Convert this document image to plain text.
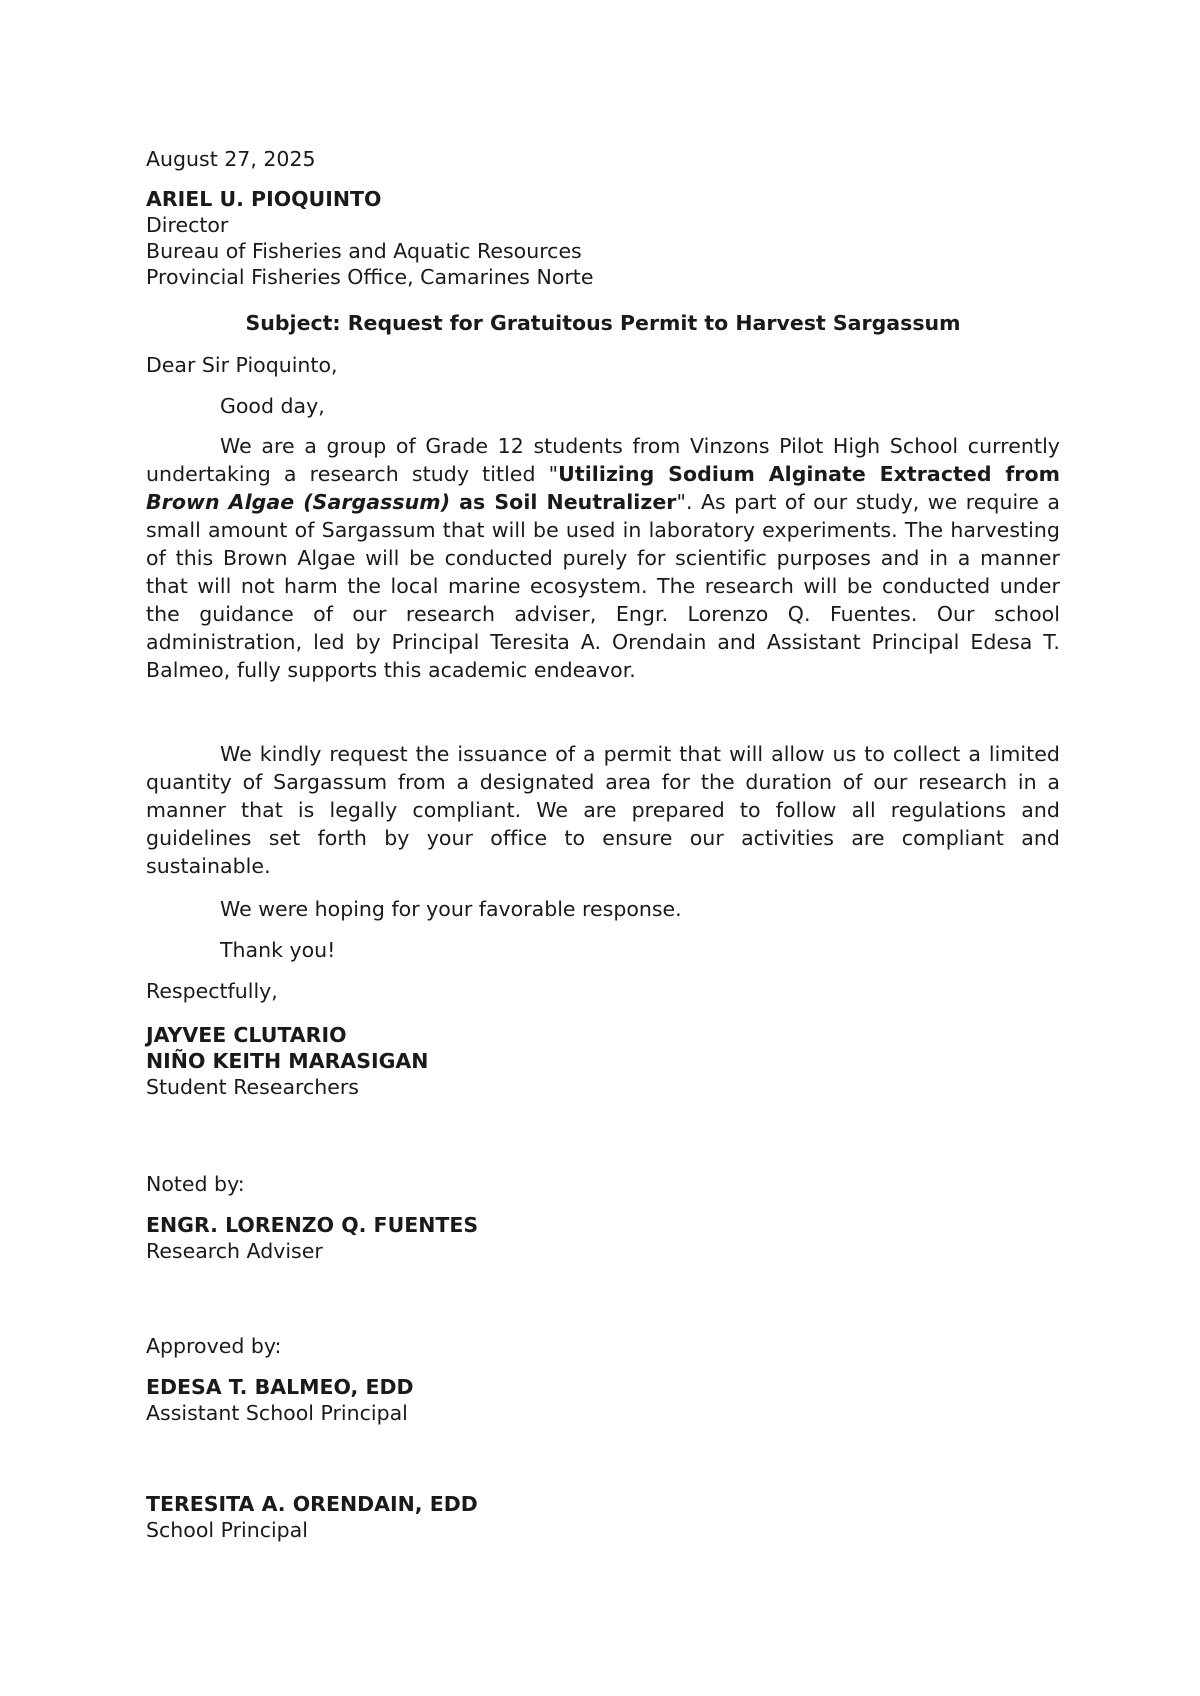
August 27, 2025
ARIEL U. PIOQUINTO
Director
Bureau of Fisheries and Aquatic Resources
Provincial Fisheries Office, Camarines Norte
Subject: Request for Gratuitous Permit to Harvest Sargassum
Dear Sir Pioquinto,
Good day,
We are a group of Grade 12 students from Vinzons Pilot High School currently undertaking a research study titled "Utilizing Sodium Alginate Extracted from Brown Algae (Sargassum) as Soil Neutralizer". As part of our study, we require a small amount of Sargassum that will be used in laboratory experiments. The harvesting of this Brown Algae will be conducted purely for scientific purposes and in a manner that will not harm the local marine ecosystem. The research will be conducted under the guidance of our research adviser, Engr. Lorenzo Q. Fuentes. Our school administration, led by Principal Teresita A. Orendain and Assistant Principal Edesa T. Balmeo, fully supports this academic endeavor.
We kindly request the issuance of a permit that will allow us to collect a limited quantity of Sargassum from a designated area for the duration of our research in a manner that is legally compliant. We are prepared to follow all regulations and guidelines set forth by your office to ensure our activities are compliant and sustainable.
We were hoping for your favorable response.
Thank you!
Respectfully,
JAYVEE CLUTARIO
NIÑO KEITH MARASIGAN
Student Researchers
Noted by:
ENGR. LORENZO Q. FUENTES
Research Adviser
Approved by:
EDESA T. BALMEO, EDD
Assistant School Principal
TERESITA A. ORENDAIN, EDD
School Principal
